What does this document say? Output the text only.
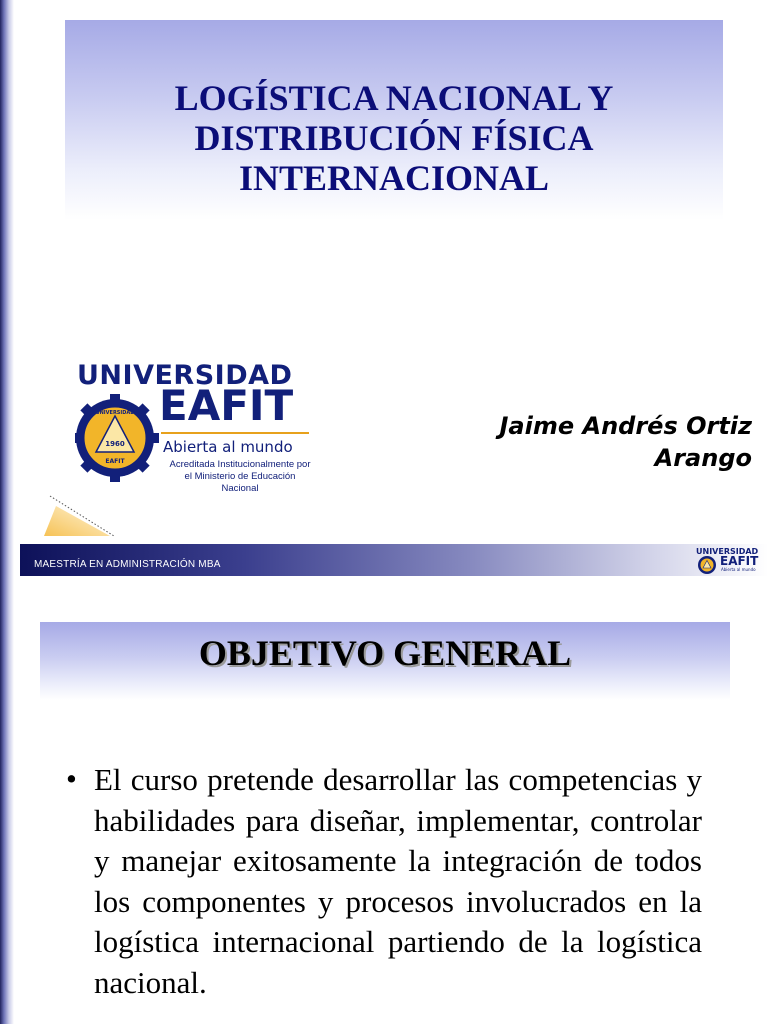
LOGÍSTICA NACIONAL Y
DISTRIBUCIÓN FÍSICA
INTERNACIONAL
1960
UNIVERSIDAD
EAFIT
UNIVERSIDAD
EAFIT
Abierta al mundo
Acreditada Institucionalmente por
el Ministerio de Educación Nacional
Jaime Andrés Ortiz
Arango
MAESTRÍA EN ADMINISTRACIÓN MBA
UNIVERSIDAD
EAFIT
Abierta al mundo
OBJETIVO GENERAL
• El curso pretende desarrollar las competencias y habilidades para diseñar, implementar, controlar y manejar exitosamente la integración de todos los componentes y procesos involucrados en la logística internacional partiendo de la logística nacional.
